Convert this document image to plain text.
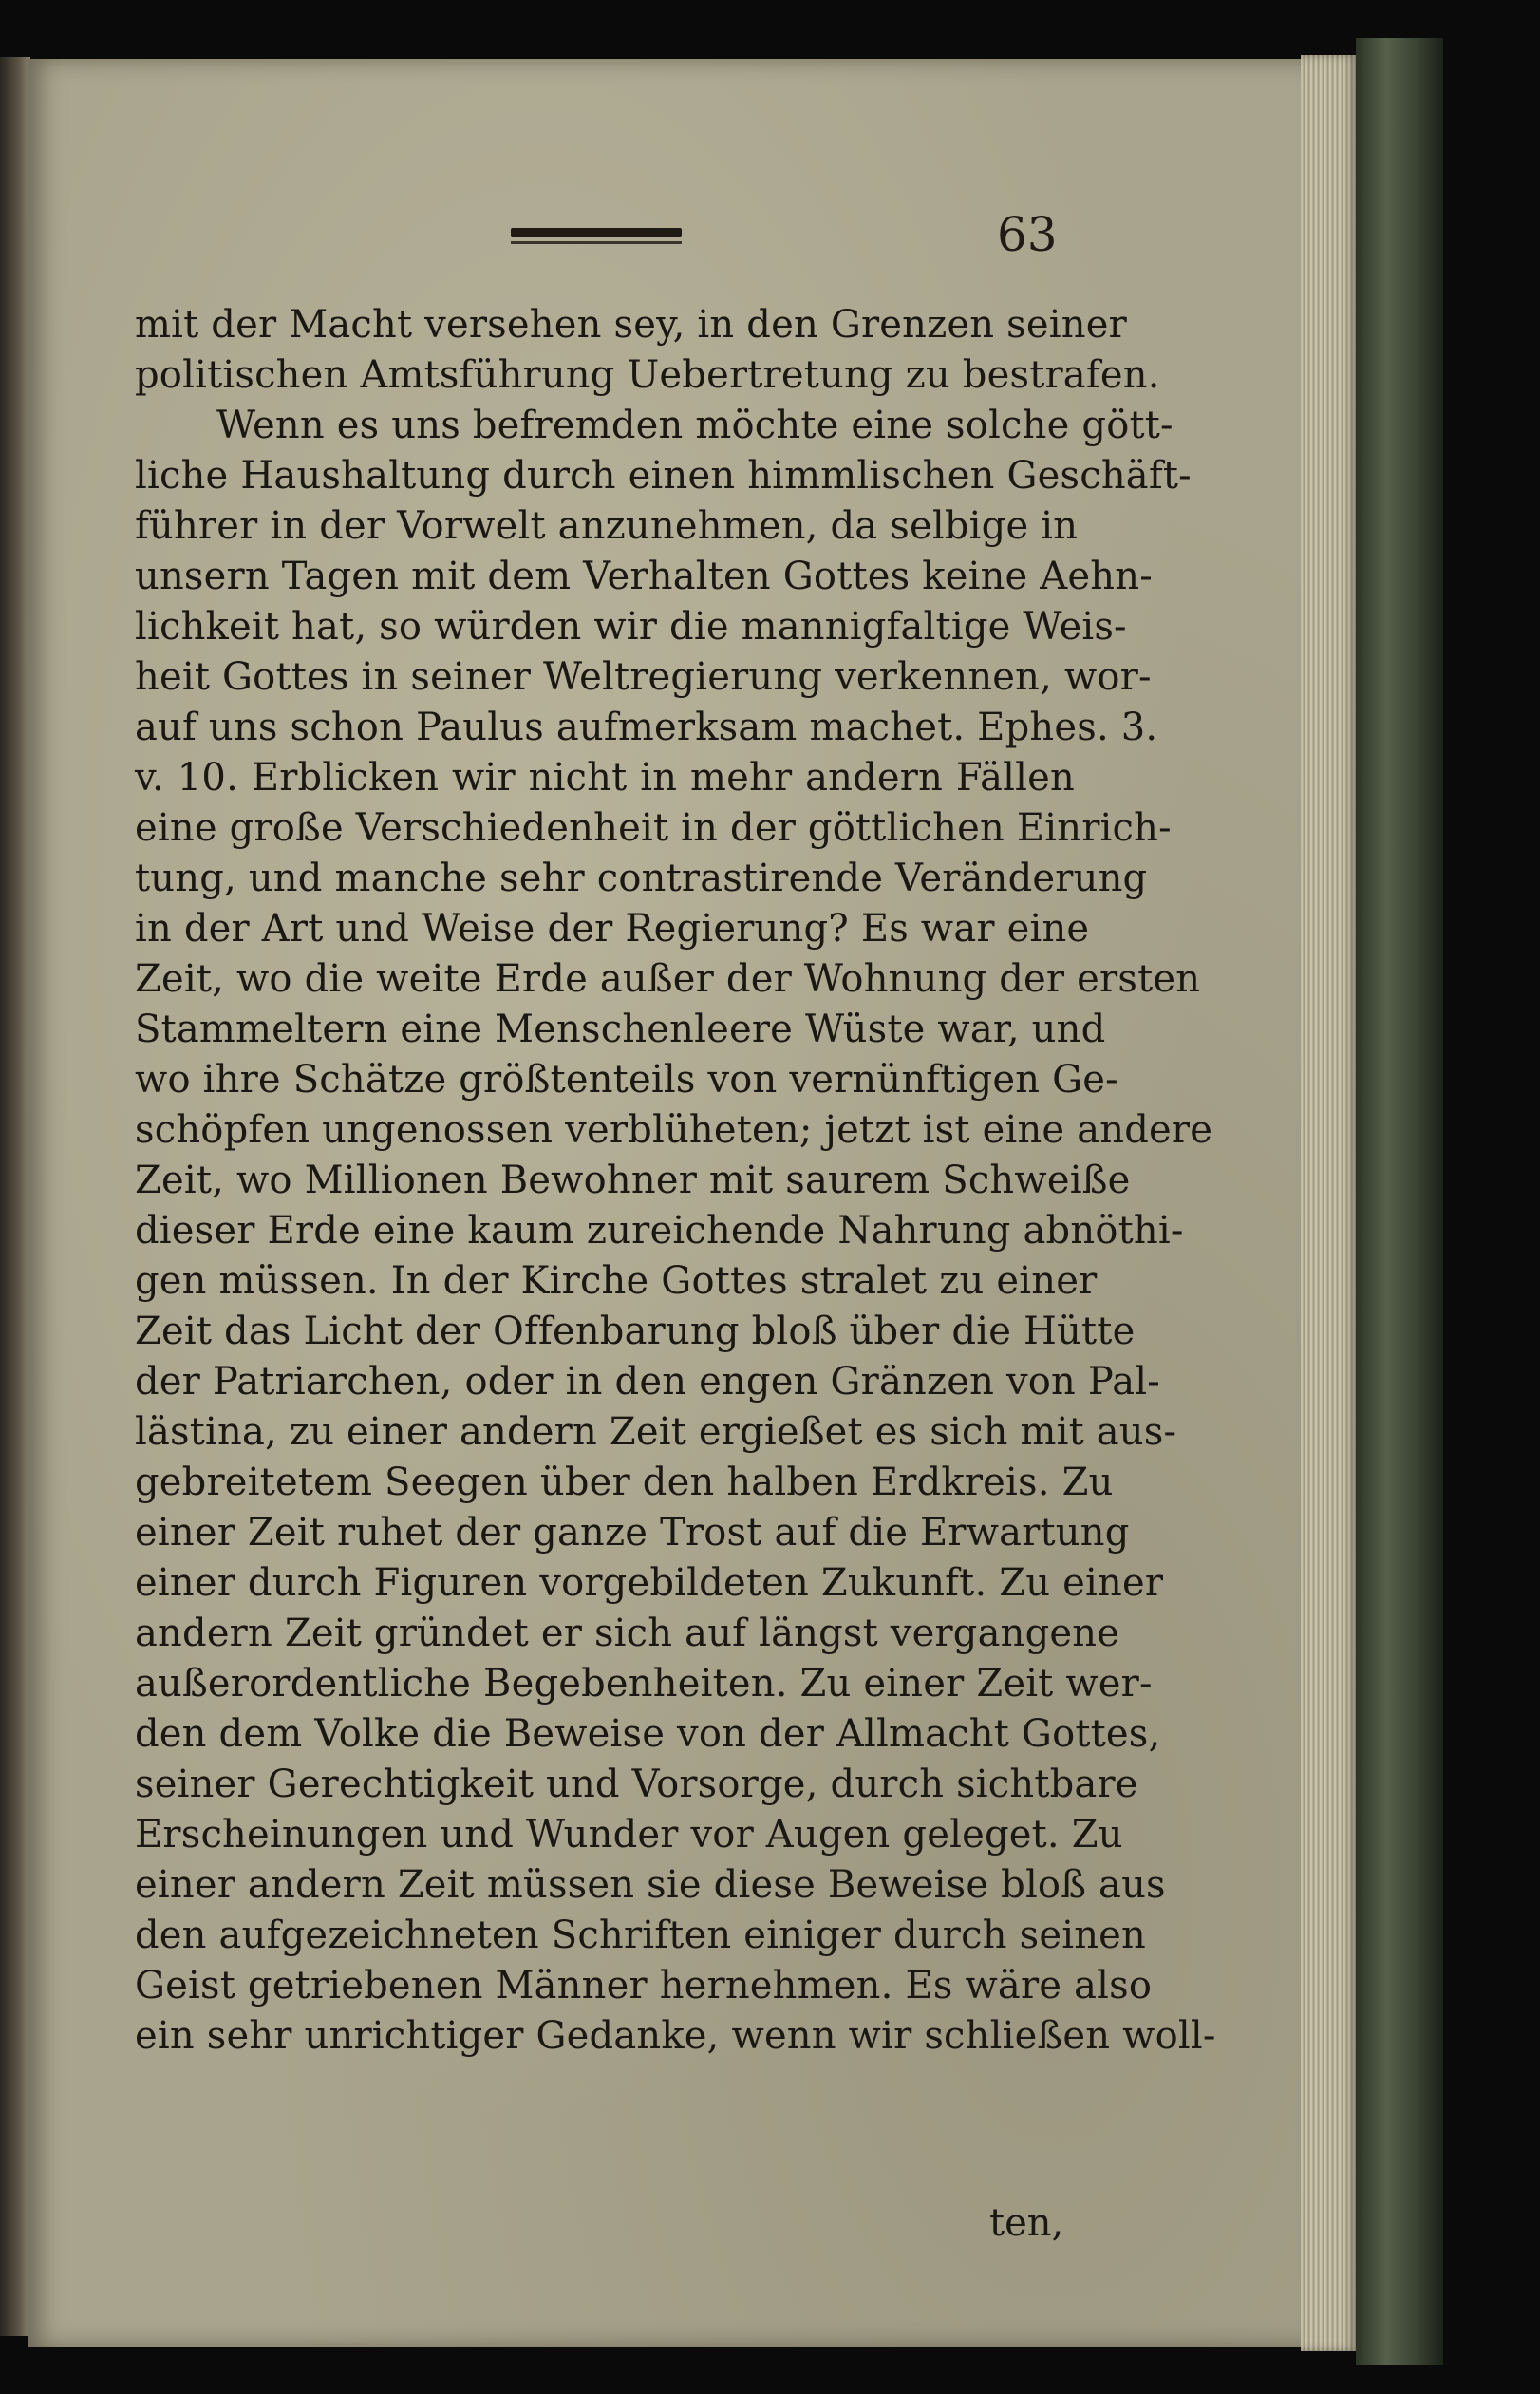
63
mit der Macht versehen sey, in den Grenzen seiner
politischen Amtsführung Uebertretung zu bestrafen.
Wenn es uns befremden möchte eine solche gött-
liche Haushaltung durch einen himmlischen Geschäft-
führer in der Vorwelt anzunehmen, da selbige in
unsern Tagen mit dem Verhalten Gottes keine Aehn-
lichkeit hat, so würden wir die mannigfaltige Weis-
heit Gottes in seiner Weltregierung verkennen, wor-
auf uns schon Paulus aufmerksam machet. Ephes. 3.
v. 10. Erblicken wir nicht in mehr andern Fällen
eine große Verschiedenheit in der göttlichen Einrich-
tung, und manche sehr contrastirende Veränderung
in der Art und Weise der Regierung? Es war eine
Zeit, wo die weite Erde außer der Wohnung der ersten
Stammeltern eine Menschenleere Wüste war, und
wo ihre Schätze größtenteils von vernünftigen Ge-
schöpfen ungenossen verblüheten; jetzt ist eine andere
Zeit, wo Millionen Bewohner mit saurem Schweiße
dieser Erde eine kaum zureichende Nahrung abnöthi-
gen müssen. In der Kirche Gottes stralet zu einer
Zeit das Licht der Offenbarung bloß über die Hütte
der Patriarchen, oder in den engen Gränzen von Pal-
lästina, zu einer andern Zeit ergießet es sich mit aus-
gebreitetem Seegen über den halben Erdkreis. Zu
einer Zeit ruhet der ganze Trost auf die Erwartung
einer durch Figuren vorgebildeten Zukunft. Zu einer
andern Zeit gründet er sich auf längst vergangene
außerordentliche Begebenheiten. Zu einer Zeit wer-
den dem Volke die Beweise von der Allmacht Gottes,
seiner Gerechtigkeit und Vorsorge, durch sichtbare
Erscheinungen und Wunder vor Augen geleget. Zu
einer andern Zeit müssen sie diese Beweise bloß aus
den aufgezeichneten Schriften einiger durch seinen
Geist getriebenen Männer hernehmen. Es wäre also
ein sehr unrichtiger Gedanke, wenn wir schließen woll-
ten,
